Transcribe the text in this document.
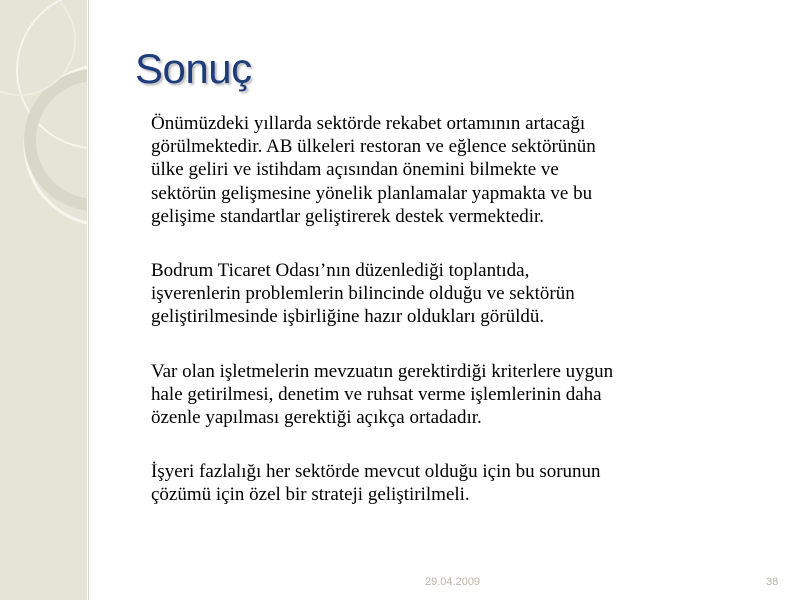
Sonuç

Önümüzdeki yıllarda sektörde rekabet ortamının artacağı
görülmektedir. AB ülkeleri restoran ve eğlence sektörünün
ülke geliri ve istihdam açısından önemini bilmekte ve
sektörün gelişmesine yönelik planlamalar yapmakta ve bu
gelişime standartlar geliştirerek destek vermektedir.

Bodrum Ticaret Odası’nın düzenlediği toplantıda,
işverenlerin problemlerin bilincinde olduğu ve sektörün
geliştirilmesinde işbirliğine hazır oldukları görüldü.

Var olan işletmelerin mevzuatın gerektirdiği kriterlere uygun
hale getirilmesi, denetim ve ruhsat verme işlemlerinin daha
özenle yapılması gerektiği açıkça ortadadır.

İşyeri fazlalığı her sektörde mevcut olduğu için bu sorunun
çözümü için özel bir strateji geliştirilmeli.

29.04.2009	38
